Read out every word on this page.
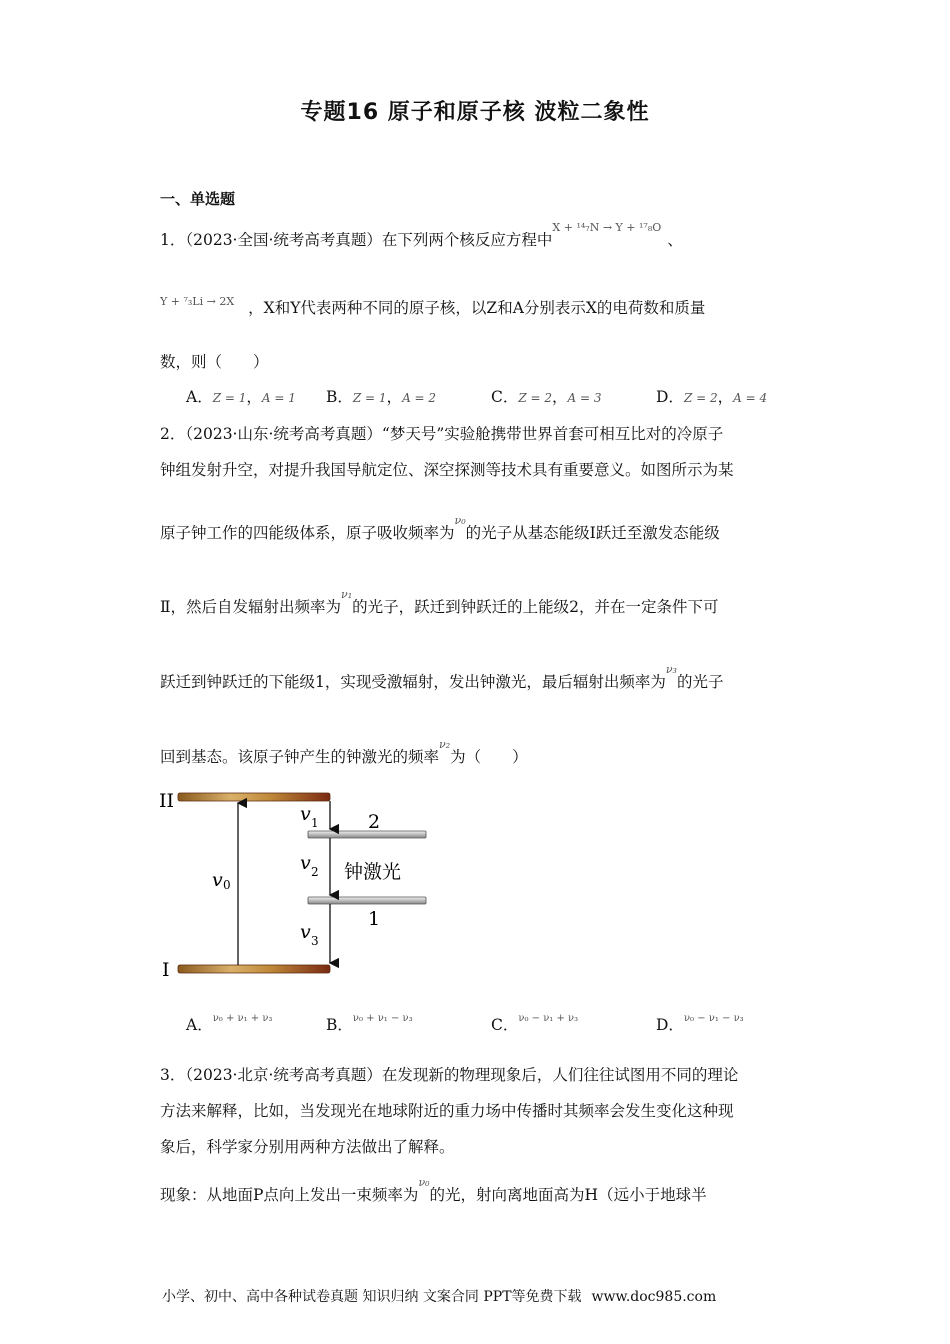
专题16 原子和原子核 波粒二象性
一、单选题
1．（2023·全国·统考高考真题）在下列两个核反应方程中$^{X + ^{14}_7N \to Y + ^{17}_8O}$、
$^{Y + ^7_3Li \to 2X}$ ，X和Y代表两种不同的原子核，以Z和A分别表示X的电荷数和质量
数，则（　　）
A．Z = 1，A = 1 B．Z = 1，A = 2	C．Z = 2，A = 3	D．Z = 2，A = 4
2．（2023·山东·统考高考真题）“梦天号”实验舱携带世界首套可相互比对的冷原子
钟组发射升空，对提升我国导航定位、深空探测等技术具有重要意义。如图所示为某
原子钟工作的四能级体系，原子吸收频率为$^{\nu_0}$的光子从基态能级Ⅰ跃迁至激发态能级
Ⅱ，然后自发辐射出频率为$^{\nu_1}$的光子，跃迁到钟跃迁的上能级2，并在一定条件下可
跃迁到钟跃迁的下能级1，实现受激辐射，发出钟激光，最后辐射出频率为$^{\nu_3}$的光子
回到基态。该原子钟产生的钟激光的频率$^{\nu_2}$为（　　）
II
I
2
1
钟激光
v 0
v 1
v 2
v 3
A．$^{\nu_0 + \nu_1 + \nu_3}$	B．$^{\nu_0 + \nu_1 - \nu_3}$	C．$^{\nu_0 - \nu_1 + \nu_3}$	D．$^{\nu_0 - \nu_1 - \nu_3}$
3．（2023·北京·统考高考真题）在发现新的物理现象后，人们往往试图用不同的理论
方法来解释，比如，当发现光在地球附近的重力场中传播时其频率会发生变化这种现
象后，科学家分别用两种方法做出了解释。
现象：从地面P点向上发出一束频率为$^{\nu_0}$的光，射向离地面高为H（远小于地球半
小学、初中、高中各种试卷真题 知识归纳 文案合同 PPT等免费下载 www.doc985.com
